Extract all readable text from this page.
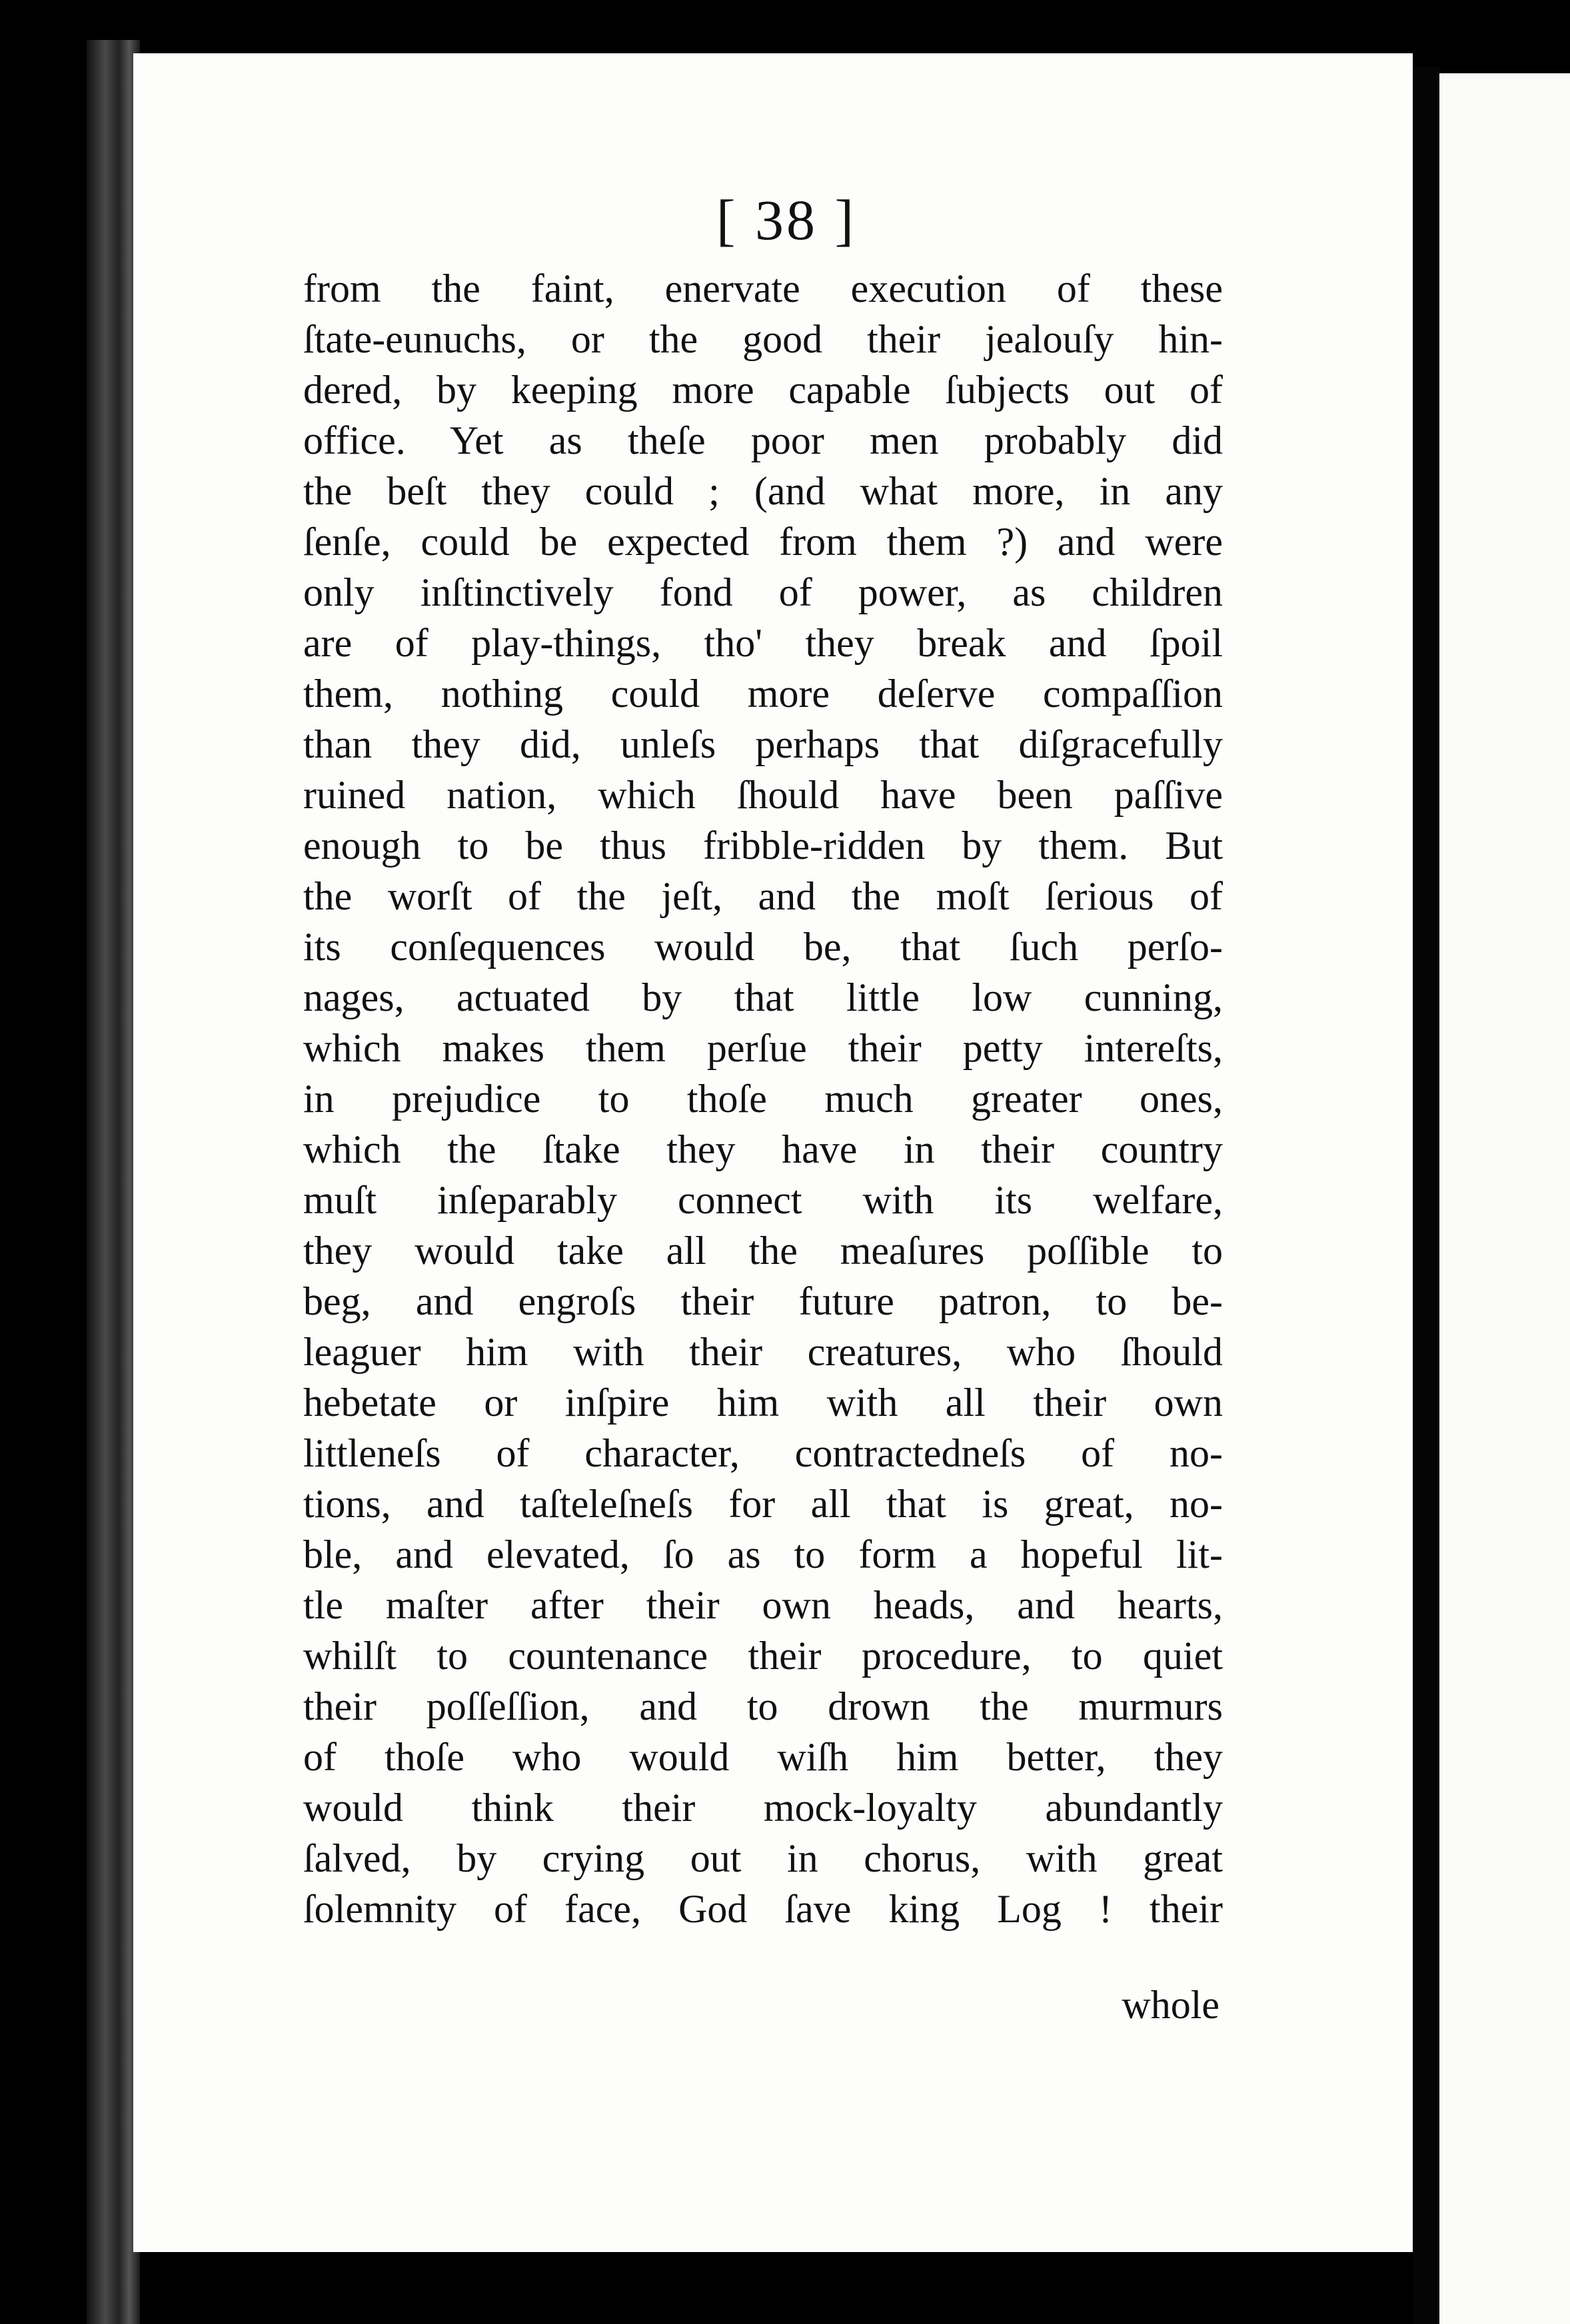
[ 38 ]
from the faint, enervate execution of these
ſtate-eunuchs, or the good their jealouſy hin-
dered, by keeping more capable ſubjects out of
office. Yet as theſe poor men probably did
the beſt they could ; (and what more, in any
ſenſe, could be expected from them ?) and were
only inſtinctively fond of power, as children
are of play-things, tho' they break and ſpoil
them, nothing could more deſerve compaſſion
than they did, unleſs perhaps that diſgracefully
ruined nation, which ſhould have been paſſive
enough to be thus fribble-ridden by them. But
the worſt of the jeſt, and the moſt ſerious of
its conſequences would be, that ſuch perſo-
nages, actuated by that little low cunning,
which makes them perſue their petty intereſts,
in prejudice to thoſe much greater ones,
which the ſtake they have in their country
muſt inſeparably connect with its welfare,
they would take all the meaſures poſſible to
beg, and engroſs their future patron, to be-
leaguer him with their creatures, who ſhould
hebetate or inſpire him with all their own
littleneſs of character, contractedneſs of no-
tions, and taſteleſneſs for all that is great, no-
ble, and elevated, ſo as to form a hopeful lit-
tle maſter after their own heads, and hearts,
whilſt to countenance their procedure, to quiet
their poſſeſſion, and to drown the murmurs
of thoſe who would wiſh him better, they
would think their mock-loyalty abundantly
ſalved, by crying out in chorus, with great
ſolemnity of face, God ſave king Log ! their
whole
